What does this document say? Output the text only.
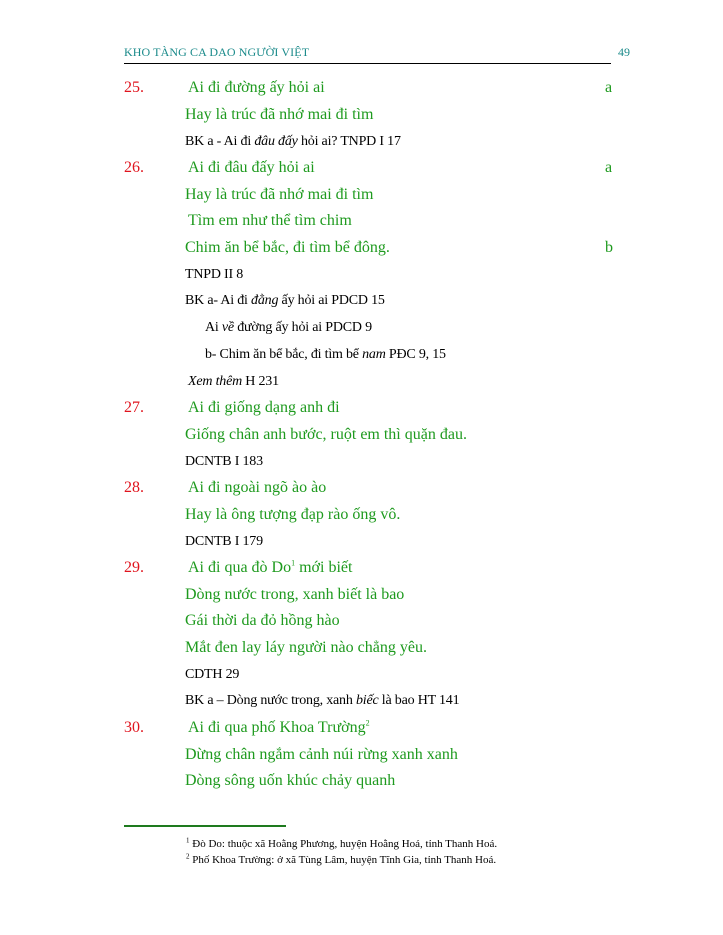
KHO TÀNG CA DAO NGƯỜI VIỆT	49
25.	Ai đi đường ấy hỏi ai	a
Hay là trúc đã nhớ mai đi tìm
BK a - Ai đi đâu đấy hỏi ai? TNPD I 17
26.	Ai đi đâu đấy hỏi ai	a
Hay là trúc đã nhớ mai đi tìm
Tìm em như thể tìm chim
Chim ăn bể bắc, đi tìm bể đông.	b
TNPD II 8
BK a- Ai đi đằng ấy hỏi ai PDCD 15
Ai về đường ấy hỏi ai PDCD 9
b- Chim ăn bể bắc, đi tìm bể nam PĐC 9, 15
Xem thêm H 231
27.	Ai đi giống dạng anh đi
Giống chân anh bước, ruột em thì quặn đau.
DCNTB I 183
28.	Ai đi ngoài ngõ ào ào
Hay là ông tượng đạp rào ống vô.
DCNTB I 179
29.	Ai đi qua đò Do$^1$ mới biết
Dòng nước trong, xanh biết là bao
Gái thời da đỏ hồng hào
Mắt đen lay láy người nào chẳng yêu.
CDTH 29
BK a – Dòng nước trong, xanh biếc là bao HT 141
30.	Ai đi qua phố Khoa Trường$^2$
Dừng chân ngắm cảnh núi rừng xanh xanh
Dòng sông uốn khúc chảy quanh
$^1$ Đò Do: thuộc xã Hoằng Phương, huyện Hoằng Hoá, tỉnh Thanh Hoá.
$^2$ Phố Khoa Trường: ở xã Tùng Lâm, huyện Tĩnh Gia, tỉnh Thanh Hoá.
